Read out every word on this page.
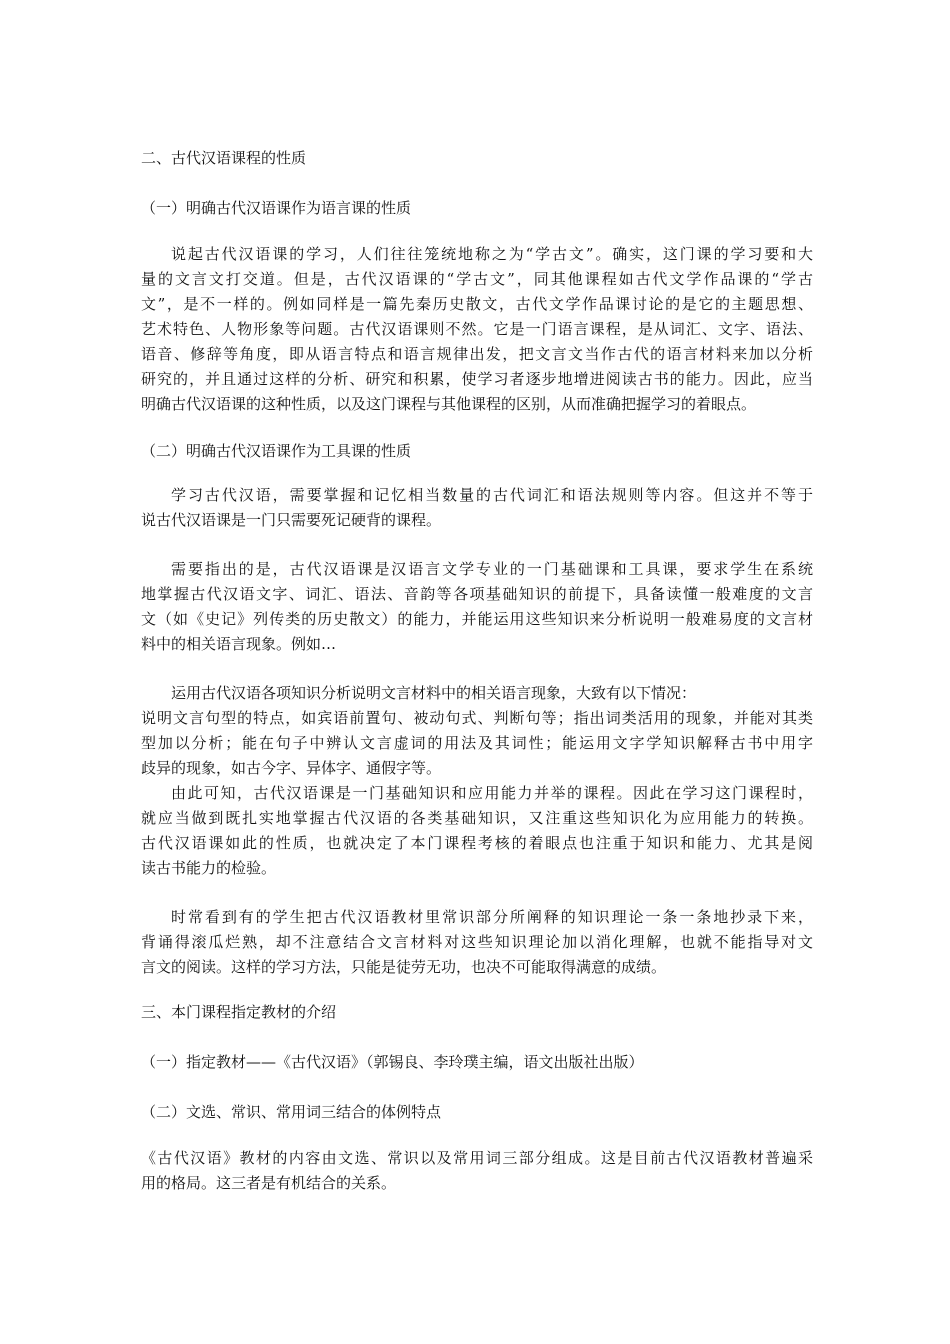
二、古代汉语课程的性质
（一）明确古代汉语课作为语言课的性质
说起古代汉语课的学习，人们往往笼统地称之为“学古文”。确实，这门课的学习要和大
量的文言文打交道。但是，古代汉语课的“学古文”，同其他课程如古代文学作品课的“学古
文”，是不一样的。例如同样是一篇先秦历史散文，古代文学作品课讨论的是它的主题思想、
艺术特色、人物形象等问题。古代汉语课则不然。它是一门语言课程，是从词汇、文字、语法、
语音、修辞等角度，即从语言特点和语言规律出发，把文言文当作古代的语言材料来加以分析
研究的，并且通过这样的分析、研究和积累，使学习者逐步地增进阅读古书的能力。因此，应当
明确古代汉语课的这种性质，以及这门课程与其他课程的区别，从而准确把握学习的着眼点。
（二）明确古代汉语课作为工具课的性质
学习古代汉语，需要掌握和记忆相当数量的古代词汇和语法规则等内容。但这并不等于
说古代汉语课是一门只需要死记硬背的课程。
需要指出的是，古代汉语课是汉语言文学专业的一门基础课和工具课，要求学生在系统
地掌握古代汉语文字、词汇、语法、音韵等各项基础知识的前提下，具备读懂一般难度的文言
文（如《史记》列传类的历史散文）的能力，并能运用这些知识来分析说明一般难易度的文言材
料中的相关语言现象。例如…
运用古代汉语各项知识分析说明文言材料中的相关语言现象，大致有以下情况：
说明文言句型的特点，如宾语前置句、被动句式、判断句等；指出词类活用的现象，并能对其类
型加以分析；能在句子中辨认文言虚词的用法及其词性；能运用文字学知识解释古书中用字
歧异的现象，如古今字、异体字、通假字等。
由此可知，古代汉语课是一门基础知识和应用能力并举的课程。因此在学习这门课程时，
就应当做到既扎实地掌握古代汉语的各类基础知识，又注重这些知识化为应用能力的转换。
古代汉语课如此的性质，也就决定了本门课程考核的着眼点也注重于知识和能力、尤其是阅
读古书能力的检验。
时常看到有的学生把古代汉语教材里常识部分所阐释的知识理论一条一条地抄录下来，
背诵得滚瓜烂熟，却不注意结合文言材料对这些知识理论加以消化理解，也就不能指导对文
言文的阅读。这样的学习方法，只能是徒劳无功，也决不可能取得满意的成绩。
三、本门课程指定教材的介绍
（一）指定教材——《古代汉语》（郭锡良、李玲璞主编，语文出版社出版）
（二）文选、常识、常用词三结合的体例特点
《古代汉语》教材的内容由文选、常识以及常用词三部分组成。这是目前古代汉语教材普遍采
用的格局。这三者是有机结合的关系。
